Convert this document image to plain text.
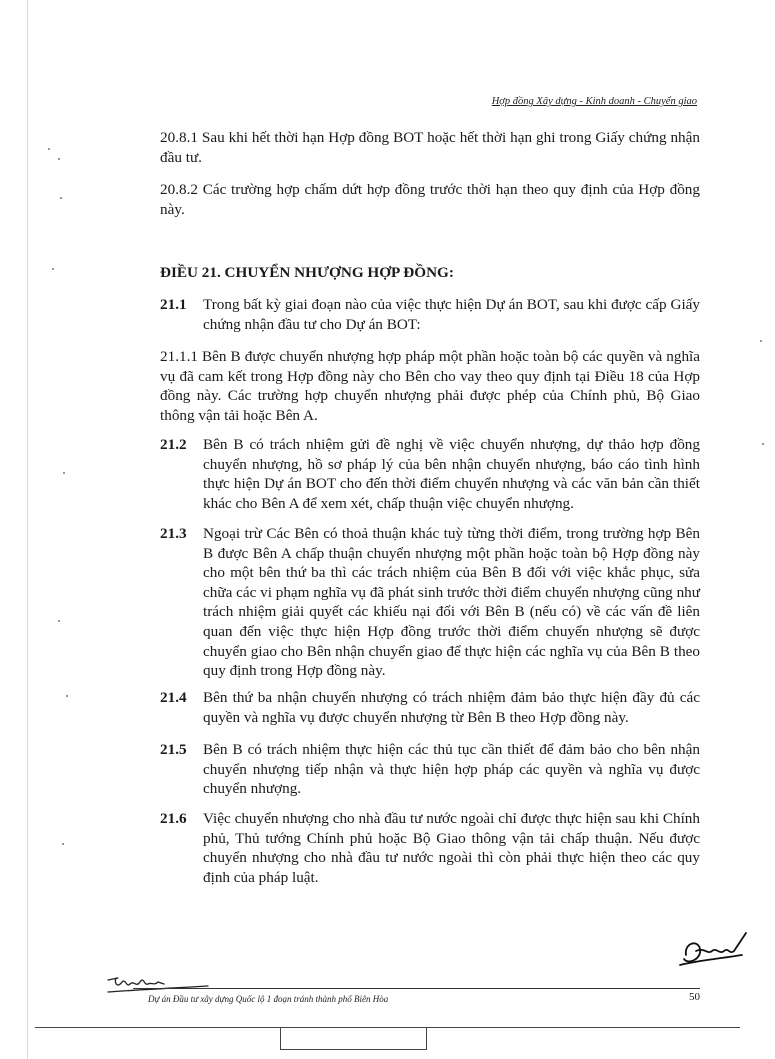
Hợp đồng Xây dựng - Kinh doanh - Chuyển giao
20.8.1 Sau khi hết thời hạn Hợp đồng BOT hoặc hết thời hạn ghi trong Giấy chứng nhận đầu tư.
20.8.2 Các trường hợp chấm dứt hợp đồng trước thời hạn theo quy định của Hợp đồng này.
ĐIỀU 21. CHUYỂN NHƯỢNG HỢP ĐỒNG:
21.1 Trong bất kỳ giai đoạn nào của việc thực hiện Dự án BOT, sau khi được cấp Giấy chứng nhận đầu tư cho Dự án BOT:
21.1.1 Bên B được chuyển nhượng hợp pháp một phần hoặc toàn bộ các quyền và nghĩa vụ đã cam kết trong Hợp đồng này cho Bên cho vay theo quy định tại Điều 18 của Hợp đồng này. Các trường hợp chuyển nhượng phải được phép của Chính phủ, Bộ Giao thông vận tải hoặc Bên A.
21.2 Bên B có trách nhiệm gửi đề nghị về việc chuyển nhượng, dự thảo hợp đồng chuyển nhượng, hồ sơ pháp lý của bên nhận chuyển nhượng, báo cáo tình hình thực hiện Dự án BOT cho đến thời điểm chuyển nhượng và các văn bản cần thiết khác cho Bên A để xem xét, chấp thuận việc chuyển nhượng.
21.3 Ngoại trừ Các Bên có thoả thuận khác tuỳ từng thời điểm, trong trường hợp Bên B được Bên A chấp thuận chuyển nhượng một phần hoặc toàn bộ Hợp đồng này cho một bên thứ ba thì các trách nhiệm của Bên B đối với việc khắc phục, sửa chữa các vi phạm nghĩa vụ đã phát sinh trước thời điểm chuyển nhượng cũng như trách nhiệm giải quyết các khiếu nại đối với Bên B (nếu có) về các vấn đề liên quan đến việc thực hiện Hợp đồng trước thời điểm chuyển nhượng sẽ được chuyển giao cho Bên nhận chuyển giao để thực hiện các nghĩa vụ của Bên B theo quy định trong Hợp đồng này.
21.4 Bên thứ ba nhận chuyển nhượng có trách nhiệm đảm bảo thực hiện đầy đủ các quyền và nghĩa vụ được chuyển nhượng từ Bên B theo Hợp đồng này.
21.5 Bên B có trách nhiệm thực hiện các thủ tục cần thiết để đảm bảo cho bên nhận chuyển nhượng tiếp nhận và thực hiện hợp pháp các quyền và nghĩa vụ được chuyển nhượng.
21.6 Việc chuyển nhượng cho nhà đầu tư nước ngoài chỉ được thực hiện sau khi Chính phủ, Thủ tướng Chính phủ hoặc Bộ Giao thông vận tải chấp thuận. Nếu được chuyển nhượng cho nhà đầu tư nước ngoài thì còn phải thực hiện theo các quy định của pháp luật.
Dự án Đầu tư xây dựng Quốc lộ 1 đoạn tránh thành phố Biên Hòa	50
